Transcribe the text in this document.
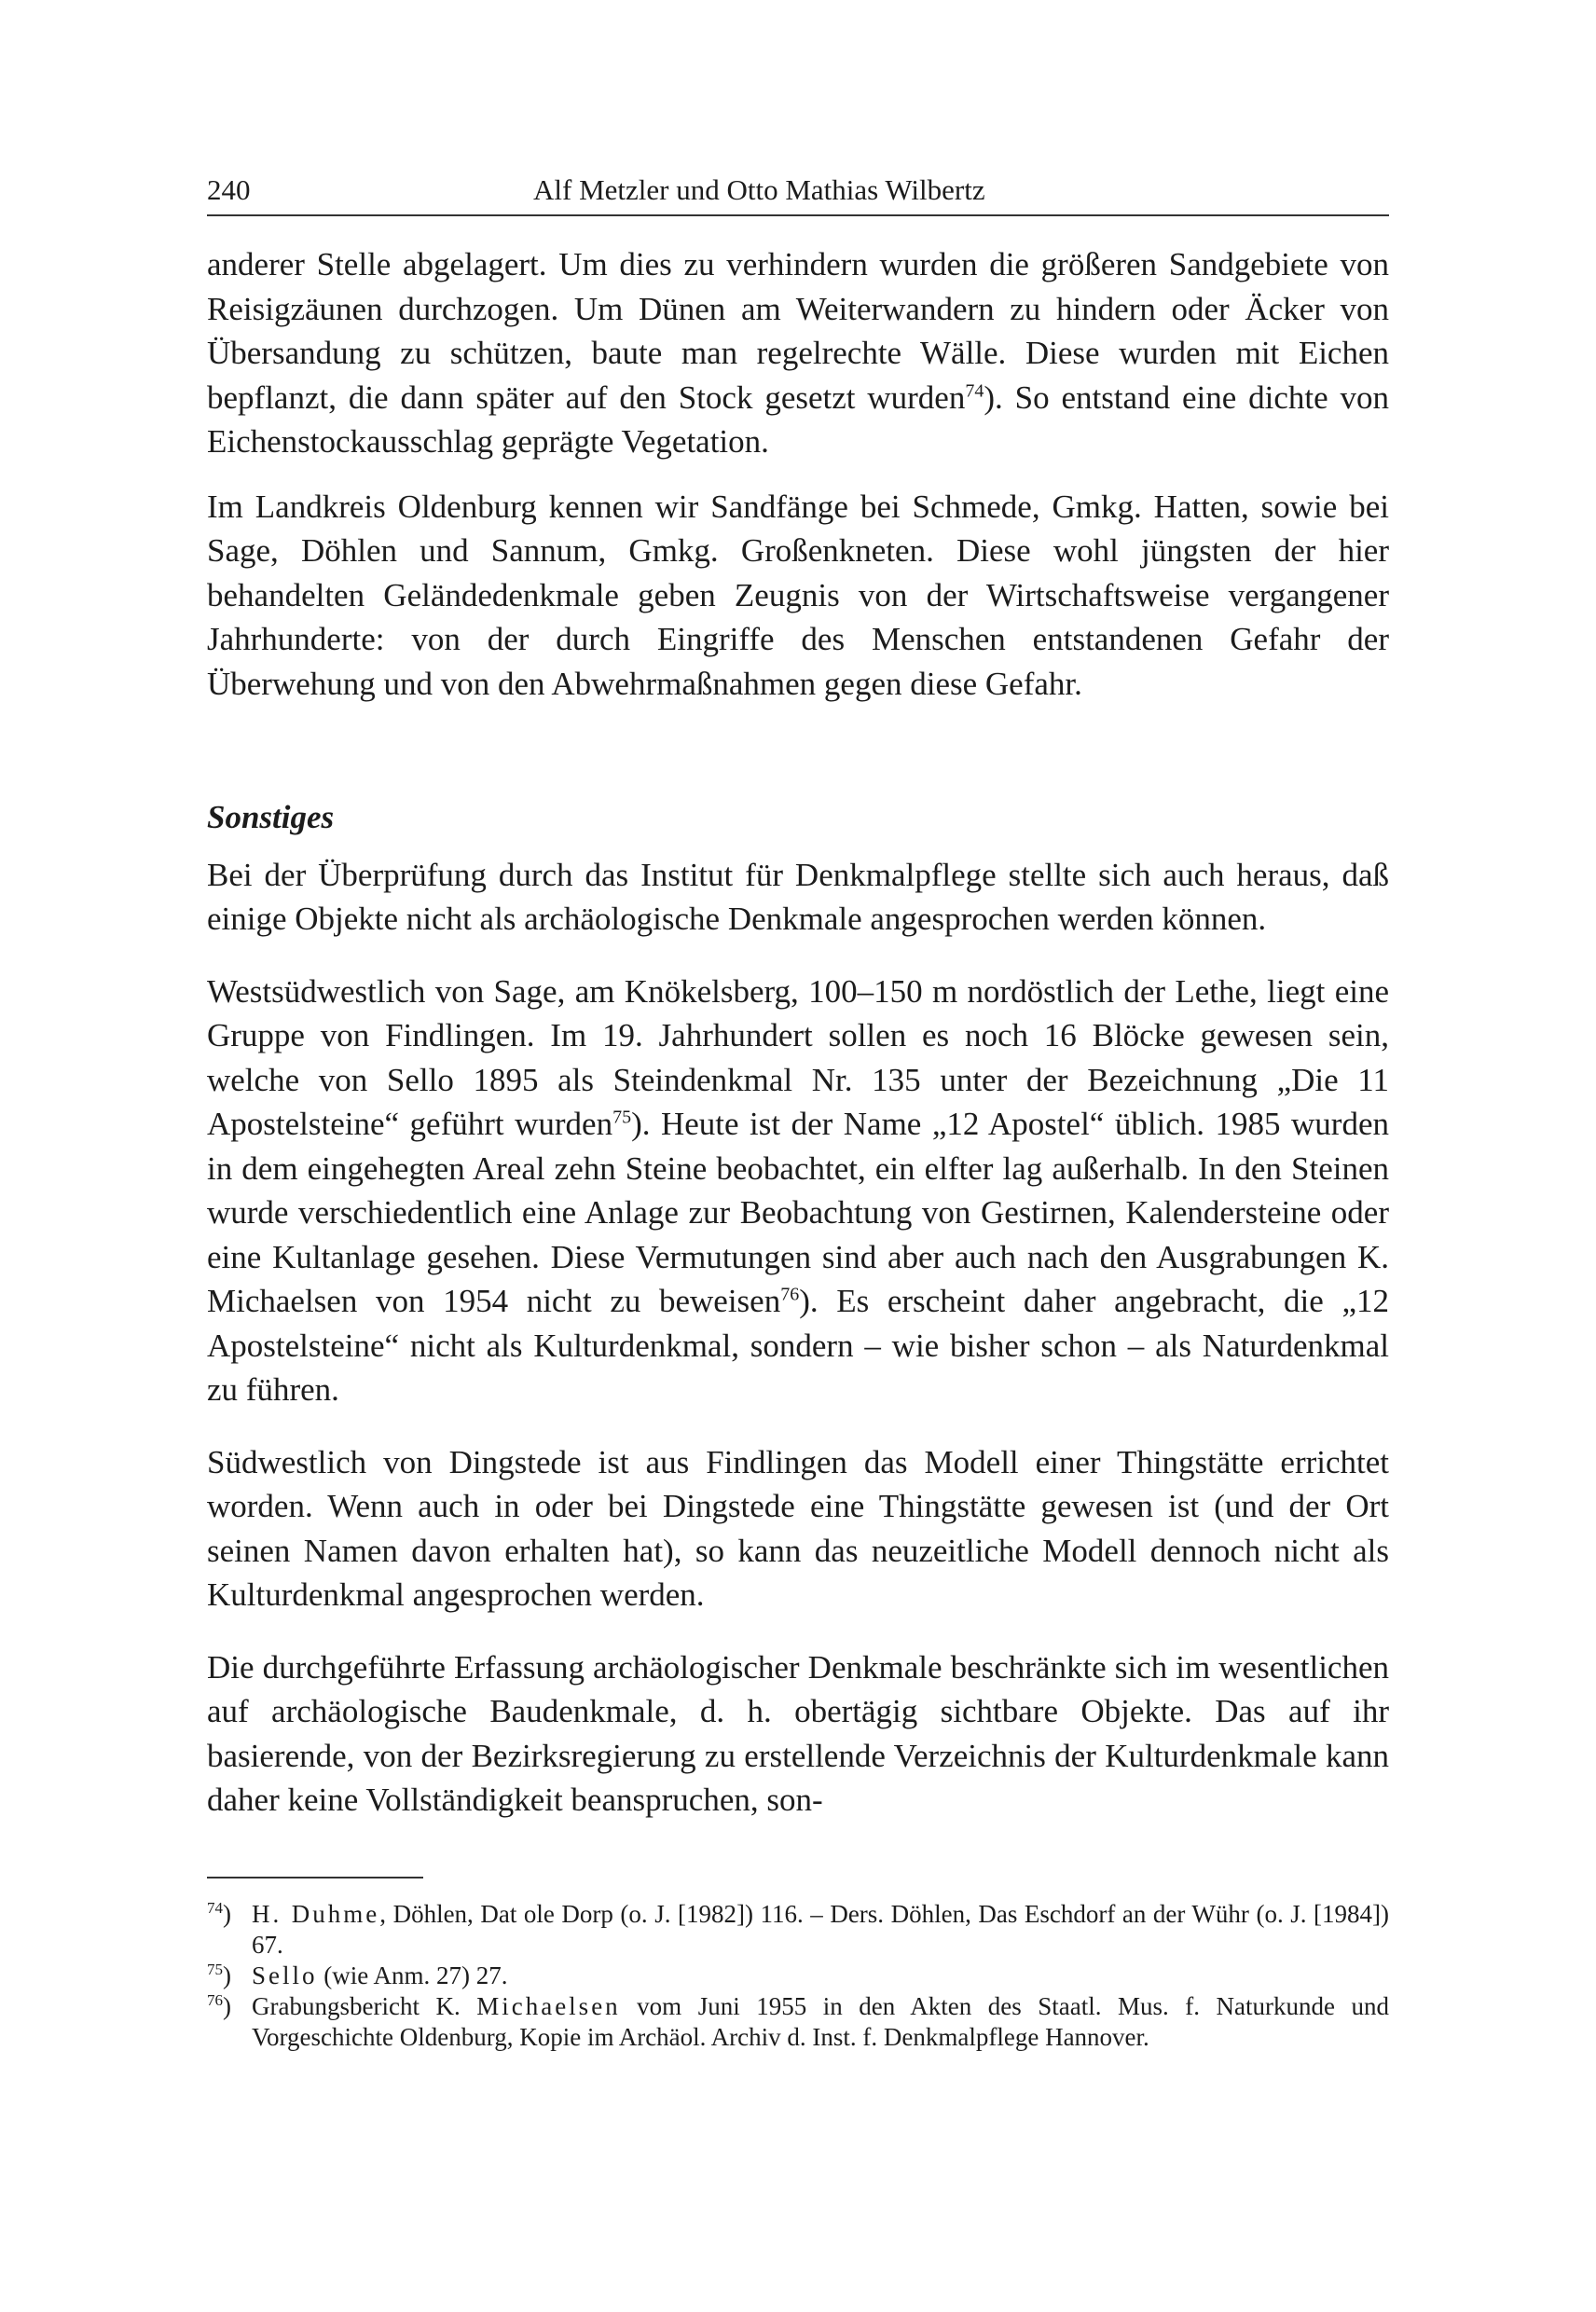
240	Alf Metzler und Otto Mathias Wilbertz

anderer Stelle abgelagert. Um dies zu verhindern wurden die größeren Sandgebiete von Reisigzäunen durchzogen. Um Dünen am Weiterwandern zu hindern oder Äcker von Übersandung zu schützen, baute man regelrechte Wälle. Diese wurden mit Eichen bepflanzt, die dann später auf den Stock gesetzt wurden$^{74}$). So entstand eine dichte von Eichenstockausschlag geprägte Vegetation.

Im Landkreis Oldenburg kennen wir Sandfänge bei Schmede, Gmkg. Hatten, sowie bei Sage, Döhlen und Sannum, Gmkg. Großenkneten. Diese wohl jüngsten der hier behandelten Geländedenkmale geben Zeugnis von der Wirtschaftsweise vergangener Jahrhunderte: von der durch Eingriffe des Menschen entstandenen Gefahr der Überwehung und von den Abwehrmaßnahmen gegen diese Gefahr.

Sonstiges

Bei der Überprüfung durch das Institut für Denkmalpflege stellte sich auch heraus, daß einige Objekte nicht als archäologische Denkmale angesprochen werden können.

Westsüdwestlich von Sage, am Knökelsberg, 100–150 m nordöstlich der Lethe, liegt eine Gruppe von Findlingen. Im 19. Jahrhundert sollen es noch 16 Blöcke gewesen sein, welche von Sello 1895 als Steindenkmal Nr. 135 unter der Bezeichnung „Die 11 Apostelsteine“ geführt wurden$^{75}$). Heute ist der Name „12 Apostel“ üblich. 1985 wurden in dem eingehegten Areal zehn Steine beobachtet, ein elfter lag außerhalb. In den Steinen wurde verschiedentlich eine Anlage zur Beobachtung von Gestirnen, Kalendersteine oder eine Kultanlage gesehen. Diese Vermutungen sind aber auch nach den Ausgrabungen K. Michaelsen von 1954 nicht zu beweisen$^{76}$). Es erscheint daher angebracht, die „12 Apostelsteine“ nicht als Kulturdenkmal, sondern – wie bisher schon – als Naturdenkmal zu führen.

Südwestlich von Dingstede ist aus Findlingen das Modell einer Thingstätte errichtet worden. Wenn auch in oder bei Dingstede eine Thingstätte gewesen ist (und der Ort seinen Namen davon erhalten hat), so kann das neuzeitliche Modell dennoch nicht als Kulturdenkmal angesprochen werden.

Die durchgeführte Erfassung archäologischer Denkmale beschränkte sich im wesentlichen auf archäologische Baudenkmale, d. h. obertägig sichtbare Objekte. Das auf ihr basierende, von der Bezirksregierung zu erstellende Verzeichnis der Kulturdenkmale kann daher keine Vollständigkeit beanspruchen, son-

$^{74}$) H. Duhme, Döhlen, Dat ole Dorp (o. J. [1982]) 116. – Ders. Döhlen, Das Eschdorf an der Wühr (o. J. [1984]) 67.
$^{75}$) Sello (wie Anm. 27) 27.
$^{76}$) Grabungsbericht K. Michaelsen vom Juni 1955 in den Akten des Staatl. Mus. f. Naturkunde und Vorgeschichte Oldenburg, Kopie im Archäol. Archiv d. Inst. f. Denkmalpflege Hannover.
